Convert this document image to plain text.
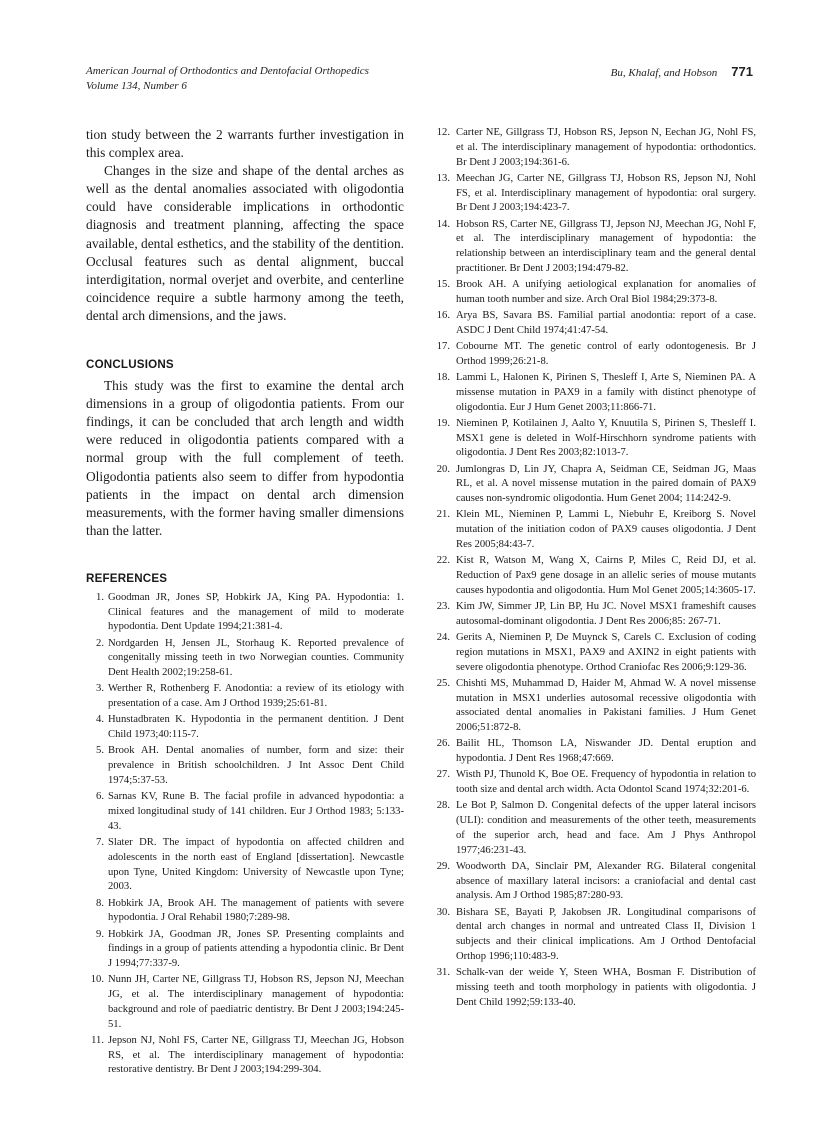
American Journal of Orthodontics and Dentofacial Orthopedics
Volume 134, Number 6
Bu, Khalaf, and Hobson 771

tion study between the 2 warrants further investigation in this complex area.

Changes in the size and shape of the dental arches as well as the dental anomalies associated with oligodontia could have considerable implications in orthodontic diagnosis and treatment planning, affecting the space available, dental esthetics, and the stability of the dentition. Occlusal features such as dental alignment, buccal interdigitation, normal overjet and overbite, and centerline coincidence require a subtle harmony among the teeth, dental arch dimensions, and the jaws.

CONCLUSIONS

This study was the first to examine the dental arch dimensions in a group of oligodontia patients. From our findings, it can be concluded that arch length and width were reduced in oligodontia patients compared with a normal group with the full complement of teeth. Oligodontia patients also seem to differ from hypodontia patients in the impact on dental arch dimension measurements, with the former having smaller dimensions than the latter.

REFERENCES
1. Goodman JR, Jones SP, Hobkirk JA, King PA. Hypodontia: 1. Clinical features and the management of mild to moderate hypodontia. Dent Update 1994;21:381-4.
2. Nordgarden H, Jensen JL, Storhaug K. Reported prevalence of congenitally missing teeth in two Norwegian counties. Community Dent Health 2002;19:258-61.
3. Werther R, Rothenberg F. Anodontia: a review of its etiology with presentation of a case. Am J Orthod 1939;25:61-81.
4. Hunstadbraten K. Hypodontia in the permanent dentition. J Dent Child 1973;40:115-7.
5. Brook AH. Dental anomalies of number, form and size: their prevalence in British schoolchildren. J Int Assoc Dent Child 1974;5:37-53.
6. Sarnas KV, Rune B. The facial profile in advanced hypodontia: a mixed longitudinal study of 141 children. Eur J Orthod 1983; 5:133-43.
7. Slater DR. The impact of hypodontia on affected children and adolescents in the north east of England [dissertation]. Newcastle upon Tyne, United Kingdom: University of Newcastle upon Tyne; 2003.
8. Hobkirk JA, Brook AH. The management of patients with severe hypodontia. J Oral Rehabil 1980;7:289-98.
9. Hobkirk JA, Goodman JR, Jones SP. Presenting complaints and findings in a group of patients attending a hypodontia clinic. Br Dent J 1994;77:337-9.
10. Nunn JH, Carter NE, Gillgrass TJ, Hobson RS, Jepson NJ, Meechan JG, et al. The interdisciplinary management of hypodontia: background and role of paediatric dentistry. Br Dent J 2003;194:245-51.
11. Jepson NJ, Nohl FS, Carter NE, Gillgrass TJ, Meechan JG, Hobson RS, et al. The interdisciplinary management of hypodontia: restorative dentistry. Br Dent J 2003;194:299-304.
12. Carter NE, Gillgrass TJ, Hobson RS, Jepson N, Eechan JG, Nohl FS, et al. The interdisciplinary management of hypodontia: orthodontics. Br Dent J 2003;194:361-6.
13. Meechan JG, Carter NE, Gillgrass TJ, Hobson RS, Jepson NJ, Nohl FS, et al. Interdisciplinary management of hypodontia: oral surgery. Br Dent J 2003;194:423-7.
14. Hobson RS, Carter NE, Gillgrass TJ, Jepson NJ, Meechan JG, Nohl F, et al. The interdisciplinary management of hypodontia: the relationship between an interdisciplinary team and the general dental practitioner. Br Dent J 2003;194:479-82.
15. Brook AH. A unifying aetiological explanation for anomalies of human tooth number and size. Arch Oral Biol 1984;29:373-8.
16. Arya BS, Savara BS. Familial partial anodontia: report of a case. ASDC J Dent Child 1974;41:47-54.
17. Cobourne MT. The genetic control of early odontogenesis. Br J Orthod 1999;26:21-8.
18. Lammi L, Halonen K, Pirinen S, Thesleff I, Arte S, Nieminen PA. A missense mutation in PAX9 in a family with distinct phenotype of oligodontia. Eur J Hum Genet 2003;11:866-71.
19. Nieminen P, Kotilainen J, Aalto Y, Knuutila S, Pirinen S, Thesleff I. MSX1 gene is deleted in Wolf-Hirschhorn syndrome patients with oligodontia. J Dent Res 2003;82:1013-7.
20. Jumlongras D, Lin JY, Chapra A, Seidman CE, Seidman JG, Maas RL, et al. A novel missense mutation in the paired domain of PAX9 causes non-syndromic oligodontia. Hum Genet 2004; 114:242-9.
21. Klein ML, Nieminen P, Lammi L, Niebuhr E, Kreiborg S. Novel mutation of the initiation codon of PAX9 causes oligodontia. J Dent Res 2005;84:43-7.
22. Kist R, Watson M, Wang X, Cairns P, Miles C, Reid DJ, et al. Reduction of Pax9 gene dosage in an allelic series of mouse mutants causes hypodontia and oligodontia. Hum Mol Genet 2005;14:3605-17.
23. Kim JW, Simmer JP, Lin BP, Hu JC. Novel MSX1 frameshift causes autosomal-dominant oligodontia. J Dent Res 2006;85: 267-71.
24. Gerits A, Nieminen P, De Muynck S, Carels C. Exclusion of coding region mutations in MSX1, PAX9 and AXIN2 in eight patients with severe oligodontia phenotype. Orthod Craniofac Res 2006;9:129-36.
25. Chishti MS, Muhammad D, Haider M, Ahmad W. A novel missense mutation in MSX1 underlies autosomal recessive oligodontia with associated dental anomalies in Pakistani families. J Hum Genet 2006;51:872-8.
26. Bailit HL, Thomson LA, Niswander JD. Dental eruption and hypodontia. J Dent Res 1968;47:669.
27. Wisth PJ, Thunold K, Boe OE. Frequency of hypodontia in relation to tooth size and dental arch width. Acta Odontol Scand 1974;32:201-6.
28. Le Bot P, Salmon D. Congenital defects of the upper lateral incisors (ULI): condition and measurements of the other teeth, measurements of the superior arch, head and face. Am J Phys Anthropol 1977;46:231-43.
29. Woodworth DA, Sinclair PM, Alexander RG. Bilateral congenital absence of maxillary lateral incisors: a craniofacial and dental cast analysis. Am J Orthod 1985;87:280-93.
30. Bishara SE, Bayati P, Jakobsen JR. Longitudinal comparisons of dental arch changes in normal and untreated Class II, Division 1 subjects and their clinical implications. Am J Orthod Dentofacial Orthop 1996;110:483-9.
31. Schalk-van der weide Y, Steen WHA, Bosman F. Distribution of missing teeth and tooth morphology in patients with oligodontia. J Dent Child 1992;59:133-40.
